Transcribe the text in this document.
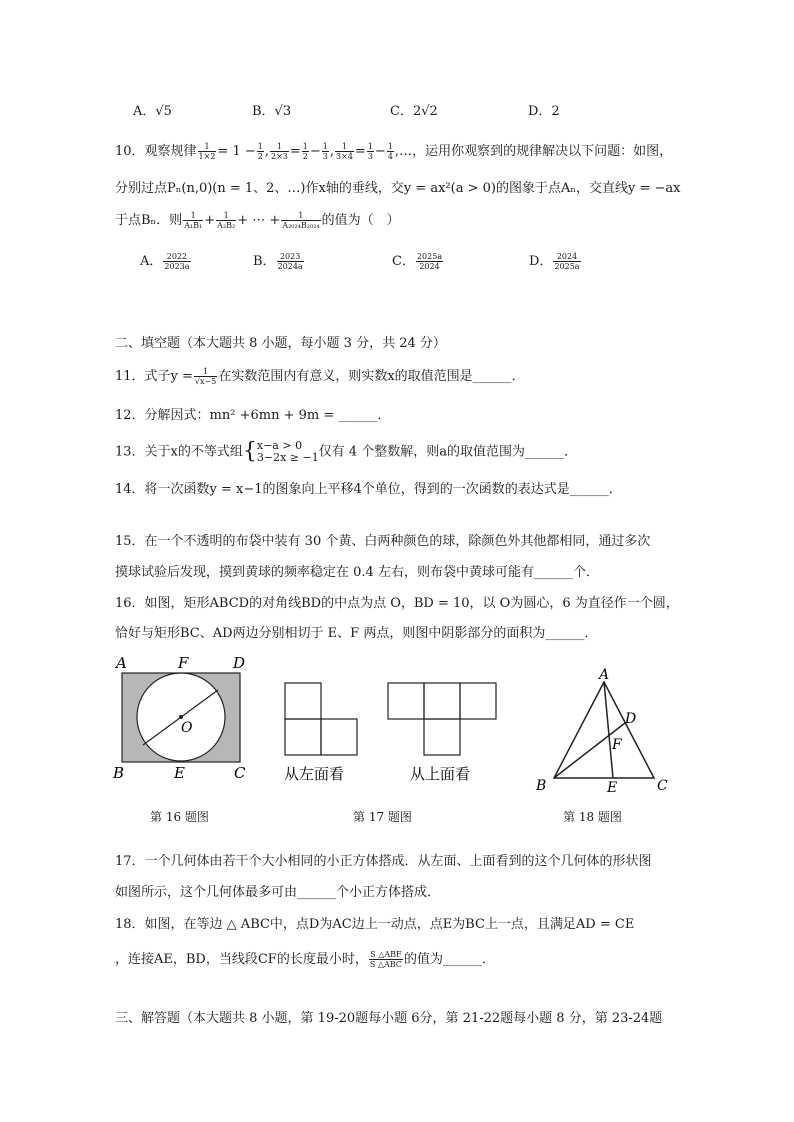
A．√5	B．√3	C．2√2	D．2
10．观察规律 $\frac{1}{1\times 2} = 1 - \frac{1}{2}$ , $\frac{1}{2\times 3} = \frac{1}{2} - \frac{1}{3}$ , $\frac{1}{3\times 4} = \frac{1}{3} - \frac{1}{4}$ ,…，运用你观察到的规律解决以下问题：如图，
分别过点Pₙ(n,0)(n = 1、2、…)作x轴的垂线，交y = ax²(a > 0)的图象于点Aₙ，交直线y = −ax
于点Bₙ．则 $\frac{1}{\text{A₁B₁}} + \frac{1}{\text{A₂B₂}}$ + ⋯ + $\frac{1}{\text{A₂₀₂₄B₂₀₂₄}}$ 的值为（　）
A． $\frac{2022}{2023a}$	B． $\frac{2023}{2024a}$	C． $\frac{2025a}{2024}$	D． $\frac{2024}{2025a}$
二、填空题（本大题共 8 小题，每小题 3 分，共 24 分）
11．式子$y = \frac{1}{√x-5}$ 在实数范围内有意义，则实数x的取值范围是______．
12．分解因式：mn² +6mn + 9m = ______．
13．关于x的不等式组{ x−a > 0
3−2x ≥ −1 仅有 4 个整数解，则a的取值范围为______．
14．将一次函数y = x−1的图象向上平移4个单位，得到的一次函数的表达式是______．
15．在一个不透明的布袋中装有 30 个黄、白两种颜色的球，除颜色外其他都相同，通过多次
摸球试验后发现，摸到黄球的频率稳定在 0.4 左右，则布袋中黄球可能有______个．
16．如图，矩形ABCD的对角线BD的中点为点 O，BD = 10，以 O为圆心，6 为直径作一个圆，
恰好与矩形BC、AD两边分别相切于 E、F 两点，则图中阴影部分的面积为______．
A	F	D
O
B	E	C
第 16 题图
从左面看	从上面看
第 17 题图
A
D
F
B	E	C
第 18 题图
17．一个几何体由若干个大小相同的小正方体搭成．从左面、上面看到的这个几何体的形状图
如图所示，这个几何体最多可由______个小正方体搭成．
18．如图，在等边 △ ABC中，点D为AC边上一动点，点E为BC上一点，且满足AD = CE
，连接AE，BD，当线段CF的长度最小时， $\frac{\text{S △ABF}}{\text{S △ABC}}$ 的值为______．
三、解答题（本大题共 8 小题，第 19-20题每小题 6分，第 21-22题每小题 8 分，第 23-24题
